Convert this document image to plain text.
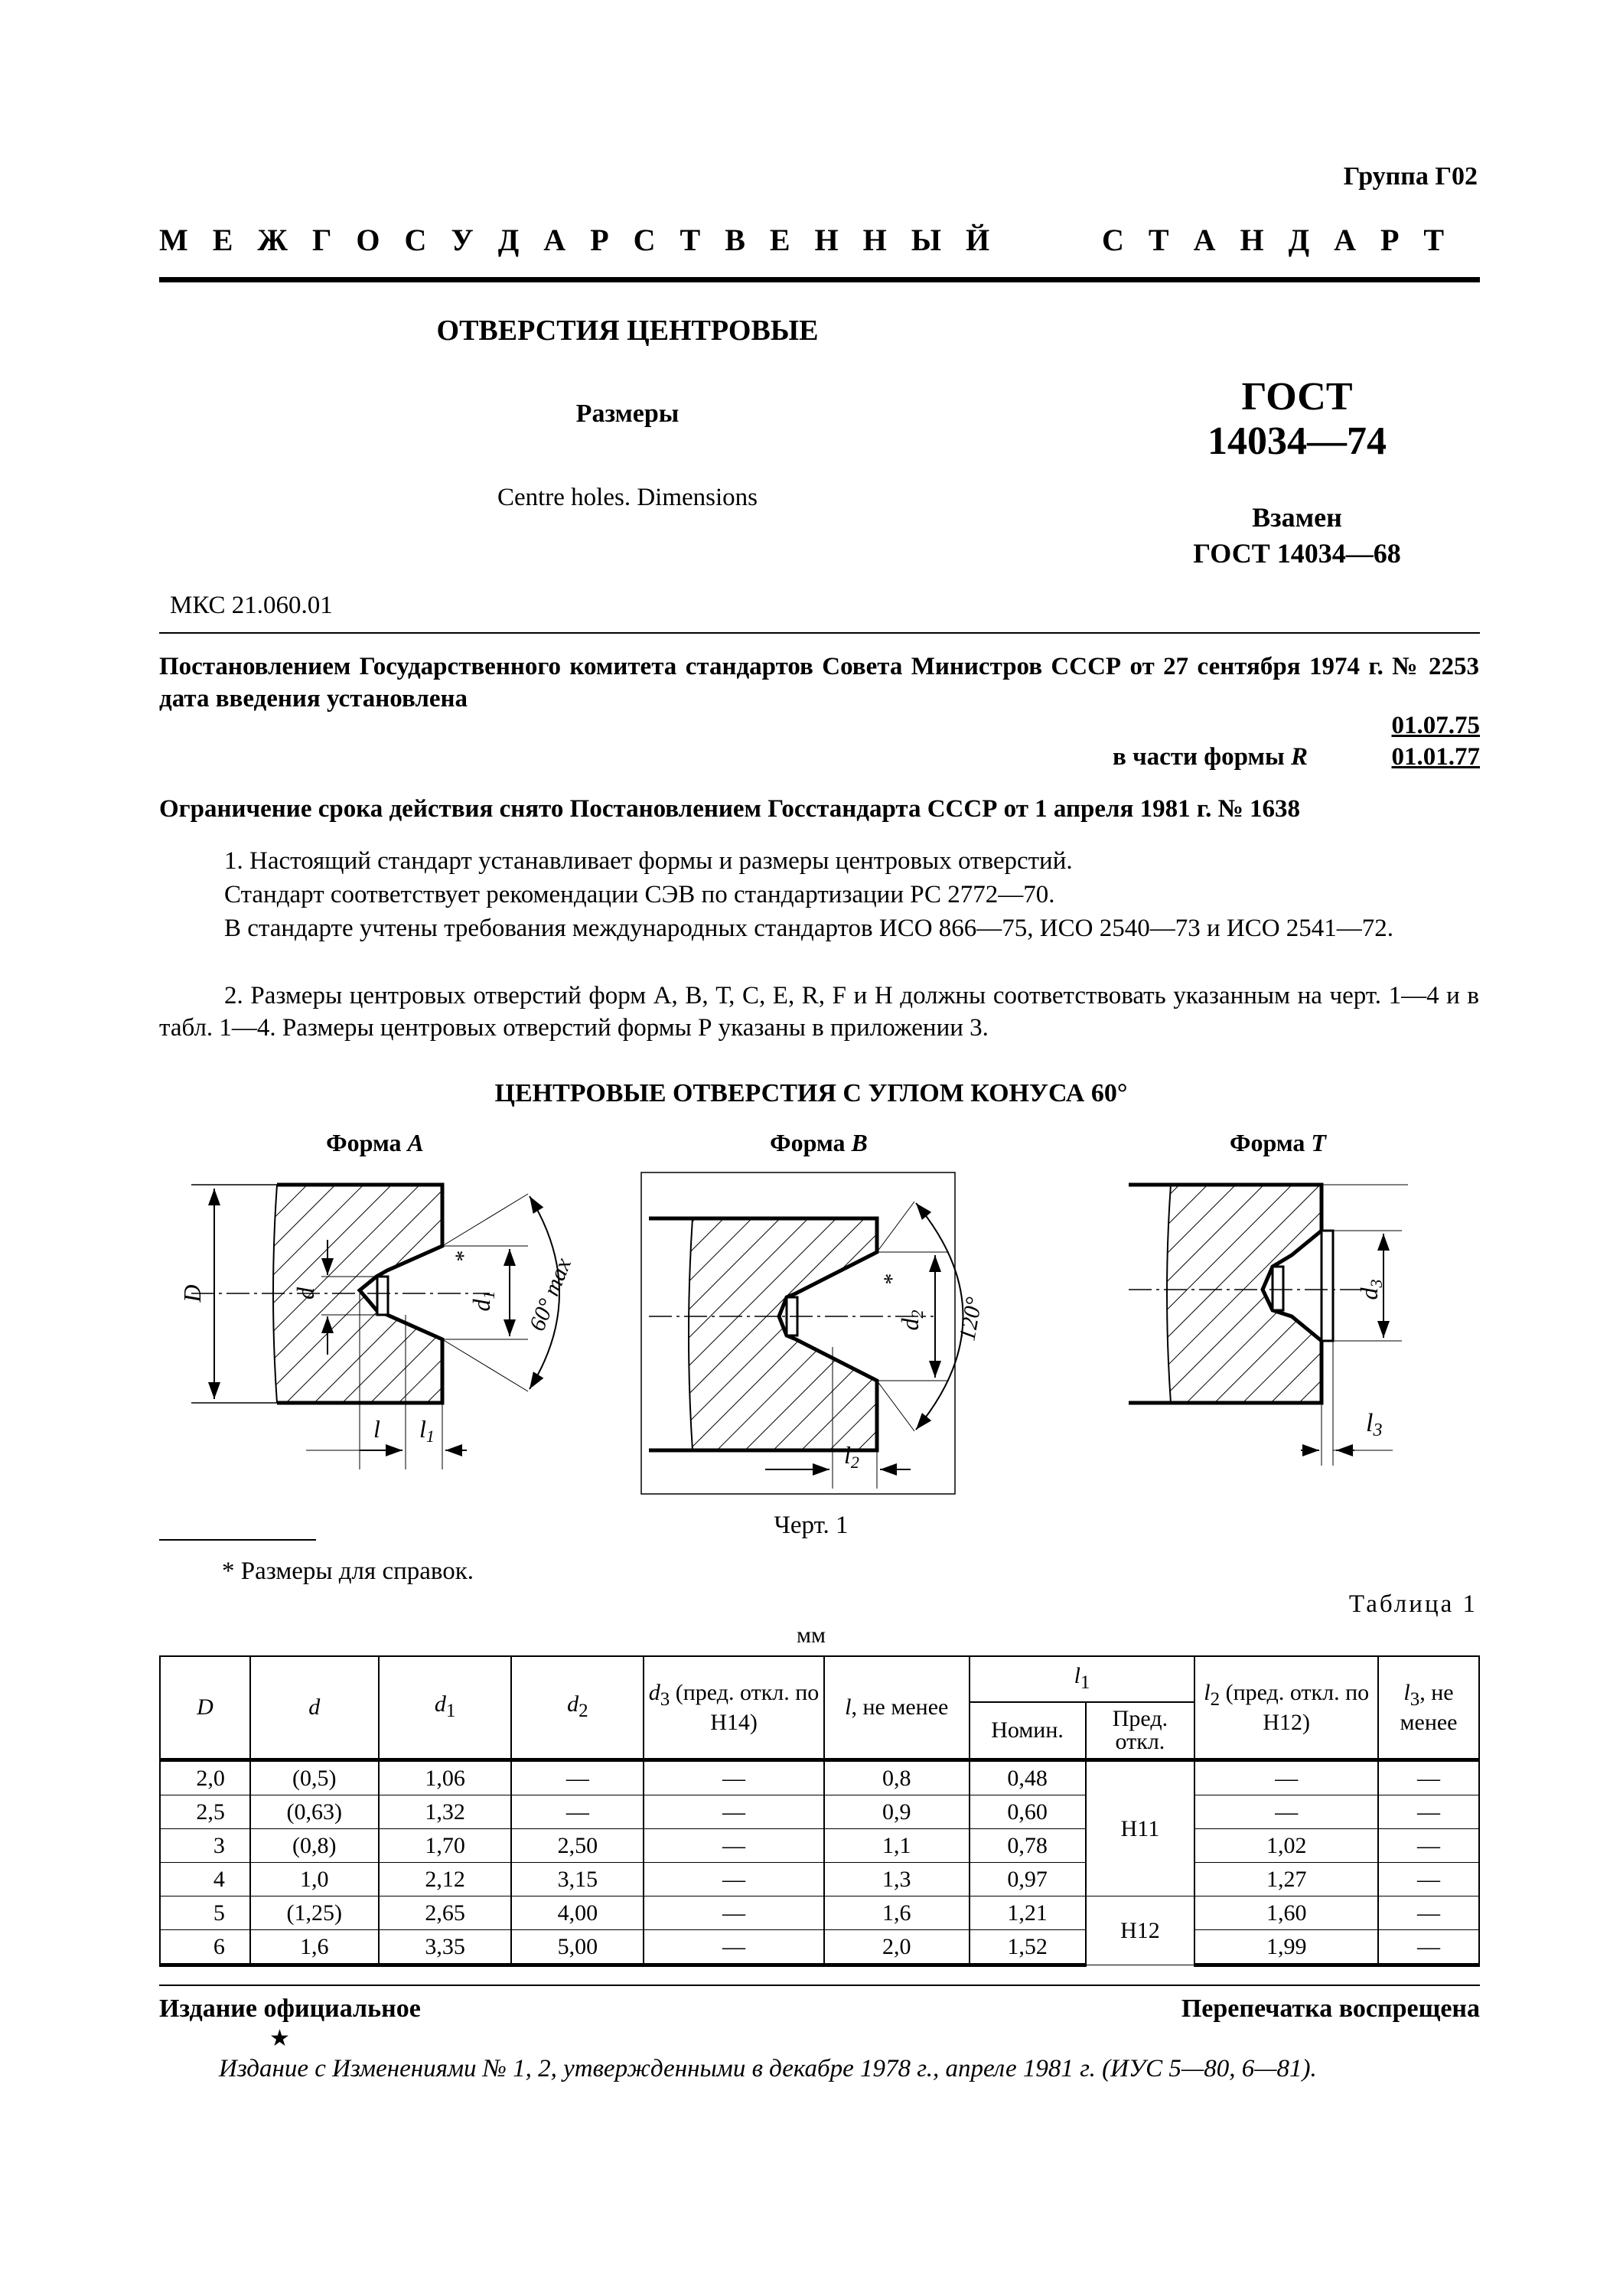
Группа Г02
М Е Ж Г О С У Д А Р С Т В Е Н Н Ы Й	С Т А Н Д А Р Т
ОТВЕРСТИЯ ЦЕНТРОВЫЕ
Размеры
Centre holes. Dimensions
ГОСТ
14034—74
Взамен
ГОСТ 14034—68
МКС 21.060.01
Постановлением Государственного комитета стандартов Совета Министров СССР от 27 сентября 1974 г. № 2253 дата введения установлена
01.07.75
в части формы R	01.01.77
Ограничение срока действия снято Постановлением Госстандарта СССР от 1 апреля 1981 г. № 1638

1. Настоящий стандарт устанавливает формы и размеры центровых отверстий.

Стандарт соответствует рекомендации СЭВ по стандартизации РС 2772—70.

В стандарте учтены требования международных стандартов ИСО 866—75, ИСО 2540—73 и ИСО 2541—72.

2. Размеры центровых отверстий форм А, В, Т, С, Е, R, F и Н должны соответствовать указанным на черт. 1—4 и в табл. 1—4. Размеры центровых отверстий формы Р указаны в приложении 3.

ЦЕНТРОВЫЕ ОТВЕРСТИЯ С УГЛОМ КОНУСА 60°
Форма A	Форма B	Форма T
D	d
d1
* 60° max
l l1
d2
*
120°
l2
d3
l3
Черт. 1
* Размеры для справок.
Таблица 1
мм
D	d	$d_1$	$d_2$	$d_3$ (пред. откл. по Н14)	l, не менее	$l_1$		$l_2$ (пред. откл. по Н12)	$l_3$, не менее
						Номин.	Пред. откл.		
2,0	(0,5)	1,06	—	—	0,8	0,48	Н11	—	—
2,5	(0,63)	1,32	—	—	0,9	0,60		—	—
3	(0,8)	1,70	2,50	—	1,1	0,78		1,02	—
4	1,0	2,12	3,15	—	1,3	0,97		1,27	—
5	(1,25)	2,65	4,00	—	1,6	1,21	Н12	1,60	—
6	1,6	3,35	5,00	—	2,0	1,52		1,99	—
Издание официальное	Перепечатка воспрещена
★
Издание с Изменениями № 1, 2, утвержденными в декабре 1978 г., апреле 1981 г. (ИУС 5—80, 6—81).
